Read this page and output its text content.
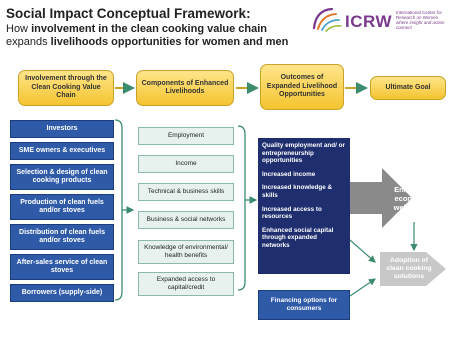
Social Impact Conceptual Framework:
How involvement in the clean cooking value chain
expands livelihoods opportunities for women and men
ICRW International Center for Research on Women
where insight and action connect
Involvement through the Clean Cooking Value Chain
Components of Enhanced Livelihoods
Outcomes of Expanded Livelihood Opportunities
Ultimate Goal
Investors
SME owners & executives
Selection & design of clean cooking products
Production of clean fuels and/or stoves
Distribution of clean fuels and/or stoves
After-sales service of clean stoves
Borrowers (supply-side)
Employment
Income
Technical & business skills
Business & social networks
Knowledge of environmental/ health benefits
Expanded access to capital/credit

Quality employment and/ or entrepreneurship opportunities

Increased income

Increased knowledge & skills

Increased access to resources

Enhanced social capital through expanded networks

Financing options for consumers
Enhanced economic well-being
Adoption of clean cooking solutions
